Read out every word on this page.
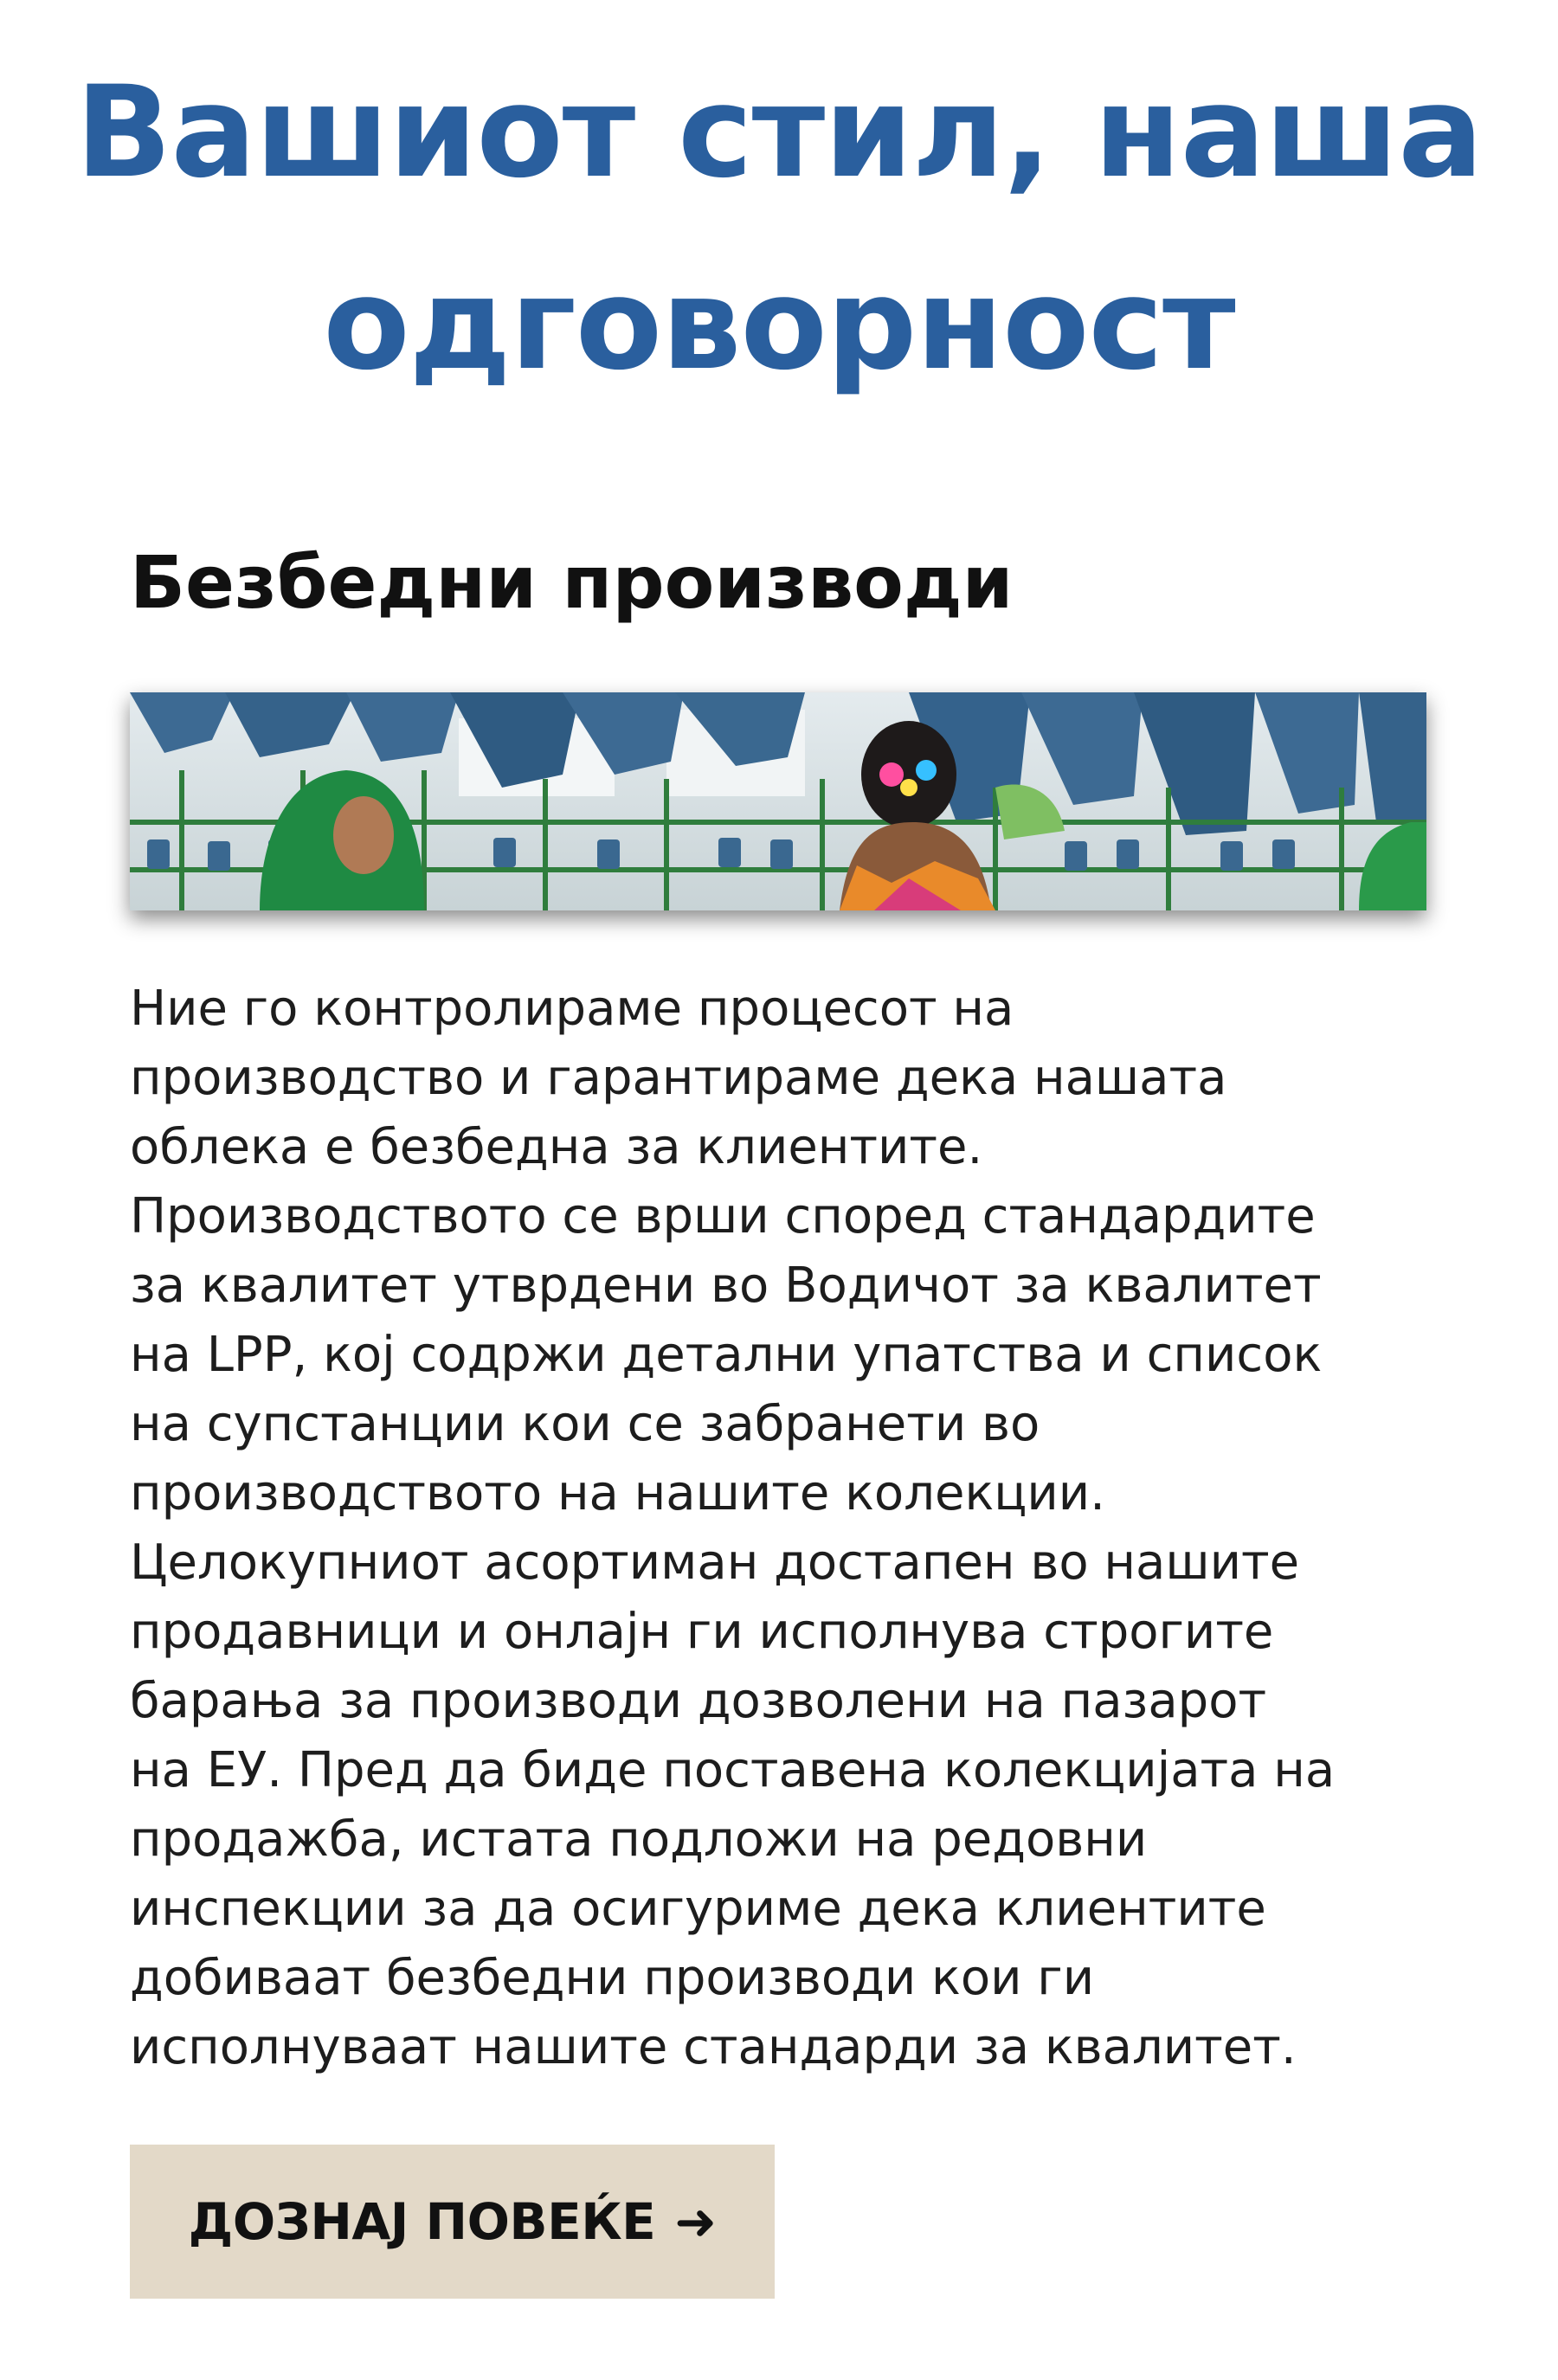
Вашиот стил, наша
одговорност
Безбедни производи

Ние го контролираме процесот на
производство и гарантираме дека нашата
облека е безбедна за клиентите.
Производството се врши според стандардите
за квалитет утврдени во Водичот за квалитет
на LPP, кој содржи детални упатства и список
на супстанции кои се забранети во
производството на нашите колекции.
Целокупниот асортиман достапен во нашите
продавници и онлајн ги исполнува строгите
барања за производи дозволени на пазарот
на ЕУ. Пред да биде поставена колекцијата на
продажба, истата подложи на редовни
инспекции за да осигуриме дека клиентите
добиваат безбедни производи кои ги
исполнуваат нашите стандарди за квалитет.

ДОЗНАЈ ПОВЕЌЕ ➜
